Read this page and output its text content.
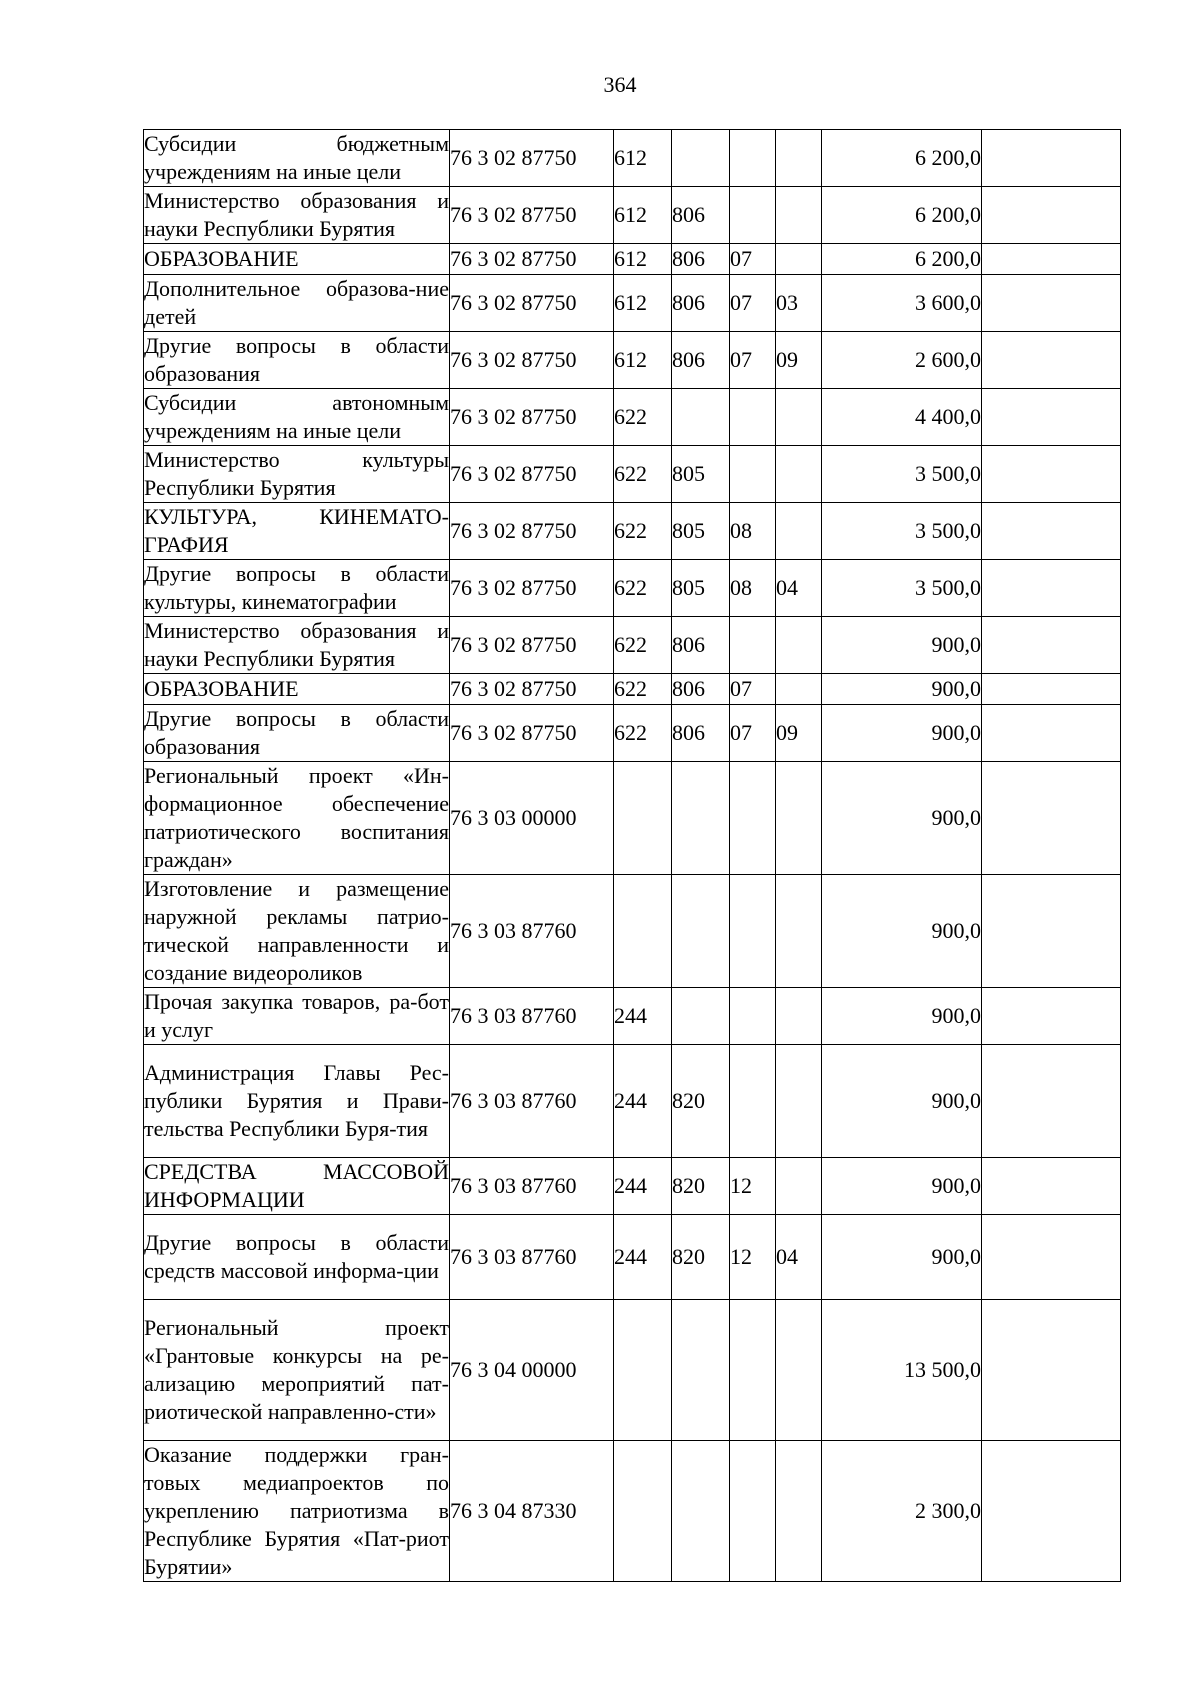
364
Субсидии бюджетным учреждениям на иные цели	76 3 02 87750	612				6 200,0	
Министерство образования и науки Республики Бурятия	76 3 02 87750	612	806			6 200,0	
ОБРАЗОВАНИЕ	76 3 02 87750	612	806	07		6 200,0	
Дополнительное образова-ние детей	76 3 02 87750	612	806	07	03	3 600,0	
Другие вопросы в области образования	76 3 02 87750	612	806	07	09	2 600,0	
Субсидии автономным учреждениям на иные цели	76 3 02 87750	622				4 400,0	
Министерство культуры Республики Бурятия	76 3 02 87750	622	805			3 500,0	
КУЛЬТУРА, КИНЕМАТО-ГРАФИЯ	76 3 02 87750	622	805	08		3 500,0	
Другие вопросы в области культуры, кинематографии	76 3 02 87750	622	805	08	04	3 500,0	
Министерство образования и науки Республики Бурятия	76 3 02 87750	622	806			900,0	
ОБРАЗОВАНИЕ	76 3 02 87750	622	806	07		900,0	
Другие вопросы в области образования	76 3 02 87750	622	806	07	09	900,0	
Региональный проект «Ин-формационное обеспечение патриотического воспитания граждан»	76 3 03 00000					900,0	
Изготовление и размещение наружной рекламы патрио-тической направленности и создание видеороликов	76 3 03 87760					900,0	
Прочая закупка товаров, ра-бот и услуг	76 3 03 87760	244				900,0	
Администрация Главы Рес-публики Бурятия и Прави-тельства Республики Буря-тия	76 3 03 87760	244	820			900,0	
СРЕДСТВА МАССОВОЙ ИНФОРМАЦИИ	76 3 03 87760	244	820	12		900,0	
Другие вопросы в области средств массовой информа-ции	76 3 03 87760	244	820	12	04	900,0	
Региональный проект «Грантовые конкурсы на ре-ализацию мероприятий пат-риотической направленно-сти»	76 3 04 00000					13 500,0	
Оказание поддержки гран-товых медиапроектов по укреплению патриотизма в Республике Бурятия «Пат-риот Бурятии»	76 3 04 87330					2 300,0	
